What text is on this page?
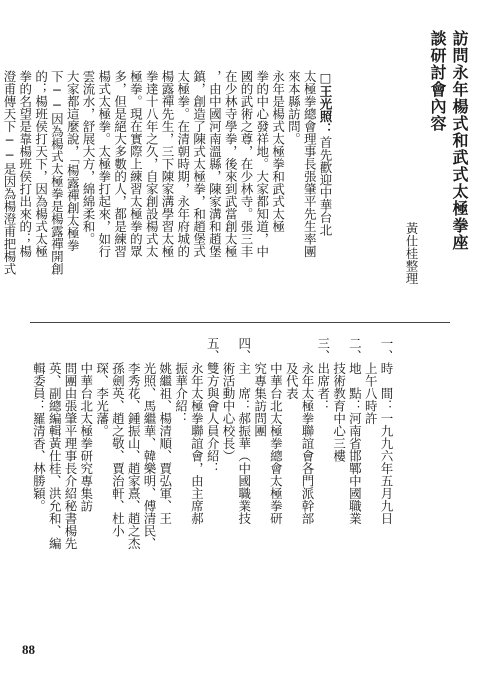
訪問永年楊式和武式太極拳座
談研討會內容
黃仕桂整理
□王光照：
首先歡迎中華台北
太極拳總會理事長張肇平先生率團
來本縣訪問。
永年是楊式太極拳和武式太極
拳的中心發祥地。大家都知道，中
國的武術之尊，在少林寺。張三丰
在少林寺學拳，後來到武當創太極
，由中國河南溫縣，陳家溝和趙堡
鎮，創造了陳式太極拳，和趙堡式
太極拳。在清朝時期，永年府城的
楊露禪先生，三下陳家溝學習太極
拳達十八年之久，自家創設楊式太
極拳。現在實際上練習太極拳的眾
多，但是絕大多數的人，都是練習
楊式太極拳。太極拳打起來，如行
雲流水，舒展大方，綿綿柔和。
大家都這麼說，「楊露禪創太極拳
下──因為楊式太極拳是楊露禪開創
的；楊班侯打天下，因為楊式太極
拳的名望是靠楊班侯打出來的；楊
澄甫傳天下──是因為楊澄甫把楊式
一、時　間：一九九六年五月九日
　　上午八時許
二、地　點：河南省邯鄲中國職業
　　技術教育中心三樓
三、出席者：
　　永年太極拳聯誼會各門派幹部
　　及代表
　　中華台北太極拳總會太極拳研
　　究專集訪問團
四、主　席：郝振華（中國職業技
　　術活動中心校長）
五、雙方與會人員介紹：
　　永年太極拳聯誼會，由主席郝
　　振華介紹：
　　姚繼祖、楊清順、賈弘軍、王
　　光照、馬繼華、韓樂明、傅清民、
　　李秀花、鍾振山、趙家熹、趙之杰
　　孫劍英、趙之敬、賈治軒、杜小
　　琛、李光藩。
　　中華台北太極拳研究專集訪
　　問團由張肇平理事長介紹秘書楊先
　　英、副總編輯黃仕桂、洪允和、編
　　輯委員：羅清香、林勝穎。
88
